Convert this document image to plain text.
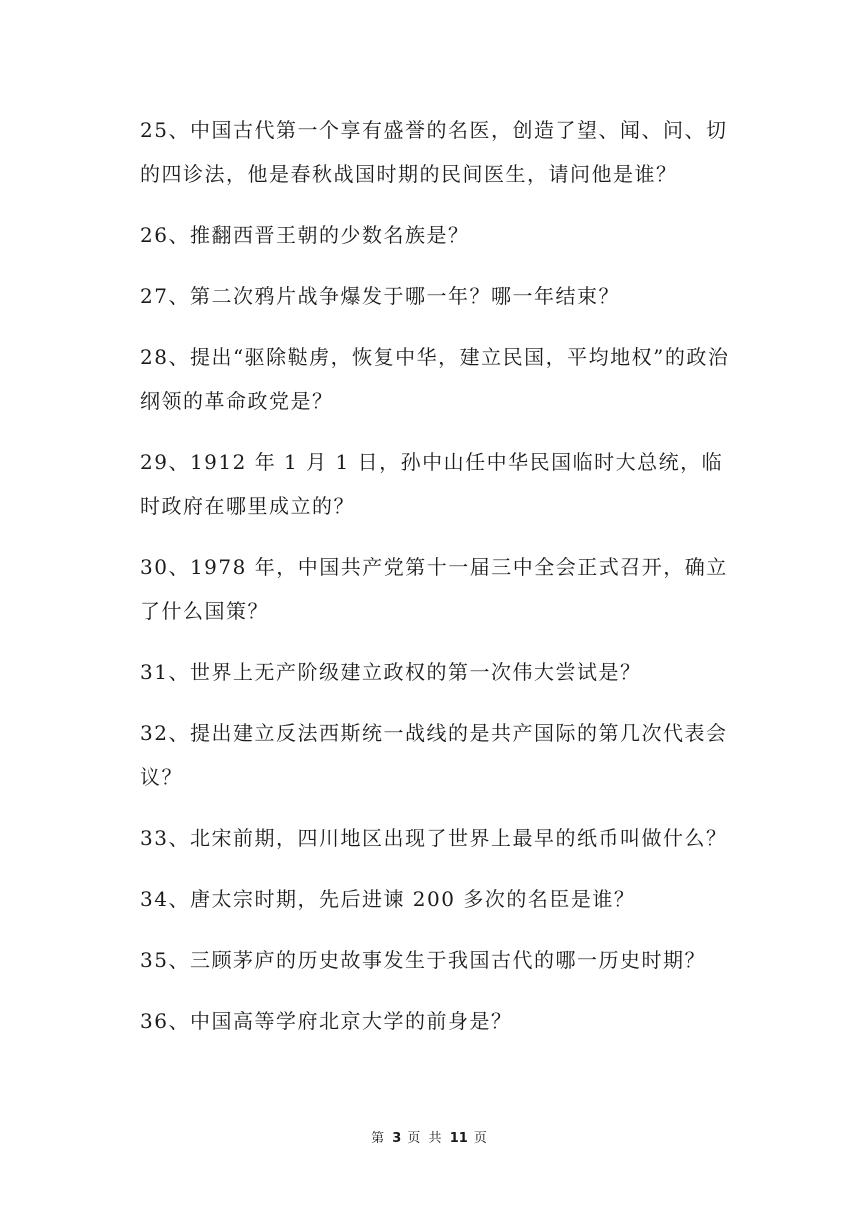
25、中国古代第一个享有盛誉的名医，创造了望、闻、问、切的四诊法，他是春秋战国时期的民间医生，请问他是谁？

26、推翻西晋王朝的少数名族是？

27、第二次鸦片战争爆发于哪一年？哪一年结束？

28、提出“驱除鞑虏，恢复中华，建立民国，平均地权”的政治纲领的革命政党是？

29、1912 年 1 月 1 日，孙中山任中华民国临时大总统，临时政府在哪里成立的？

30、1978 年，中国共产党第十一届三中全会正式召开，确立了什么国策？

31、世界上无产阶级建立政权的第一次伟大尝试是？

32、提出建立反法西斯统一战线的是共产国际的第几次代表会议？

33、北宋前期，四川地区出现了世界上最早的纸币叫做什么？

34、唐太宗时期，先后进谏 200 多次的名臣是谁？

35、三顾茅庐的历史故事发生于我国古代的哪一历史时期？

36、中国高等学府北京大学的前身是？

第 3 页 共 11 页
